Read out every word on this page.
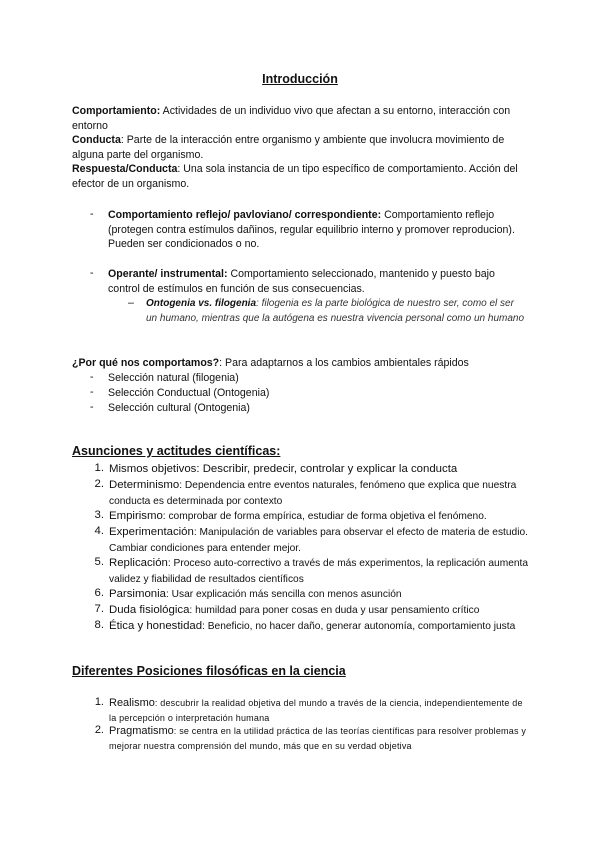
Introducción
Comportamiento: Actividades de un individuo vivo que afectan a su entorno, interacción con entorno
Conducta: Parte de la interacción entre organismo y ambiente que involucra movimiento de alguna parte del organismo.
Respuesta/Conducta: Una sola instancia de un tipo específico de comportamiento. Acción del efector de un organismo.
- Comportamiento reflejo/ pavloviano/ correspondiente: Comportamiento reflejo (protegen contra estímulos dañinos, regular equilibrio interno y promover reproducion). Pueden ser condicionados o no.
- Operante/ instrumental: Comportamiento seleccionado, mantenido y puesto bajo control de estímulos en función de sus consecuencias.
– Ontogenia vs. filogenia: filogenia es la parte biológica de nuestro ser, como el ser un humano, mientras que la autógena es nuestra vivencia personal como un humano
¿Por qué nos comportamos?: Para adaptarnos a los cambios ambientales rápidos
- Selección natural (filogenia)
- Selección Conductual (Ontogenia)
- Selección cultural (Ontogenia)
Asunciones y actitudes científicas:
1. Mismos objetivos: Describir, predecir, controlar y explicar la conducta
2. Determinismo: Dependencia entre eventos naturales, fenómeno que explica que nuestra conducta es determinada por contexto
3. Empirismo: comprobar de forma empírica, estudiar de forma objetiva el fenómeno.
4. Experimentación: Manipulación de variables para observar el efecto de materia de estudio. Cambiar condiciones para entender mejor.
5. Replicación: Proceso auto-correctivo a través de más experimentos, la replicación aumenta validez y fiabilidad de resultados científicos
6. Parsimonia: Usar explicación más sencilla con menos asunción
7. Duda fisiológica: humildad para poner cosas en duda y usar pensamiento crítico
8. Ética y honestidad: Beneficio, no hacer daño, generar autonomía, comportamiento justa
Diferentes Posiciones filosóficas en la ciencia
1. Realismo: descubrir la realidad objetiva del mundo a través de la ciencia, independientemente de la percepción o interpretación humana
2. Pragmatismo: se centra en la utilidad práctica de las teorías científicas para resolver problemas y mejorar nuestra comprensión del mundo, más que en su verdad objetiva
